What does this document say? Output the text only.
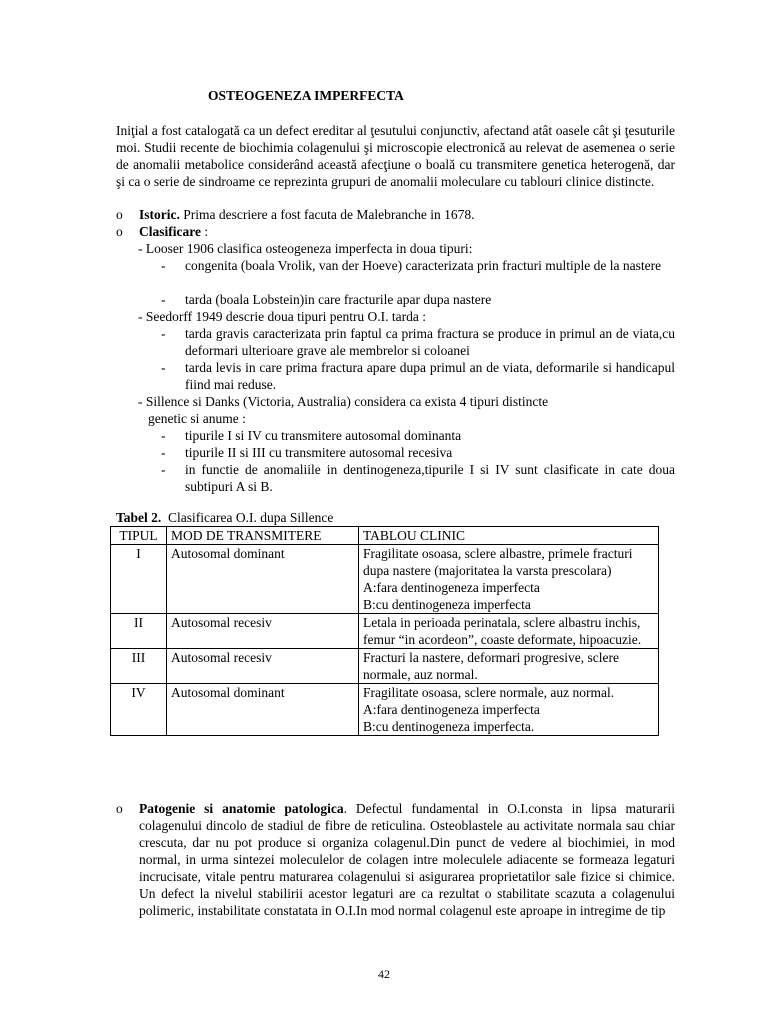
OSTEOGENEZA IMPERFECTA
Iniţial a fost catalogată ca un defect ereditar al ţesutului conjunctiv, afectand atât oasele cât şi ţesuturile moi. Studii recente de biochimia colagenului şi microscopie electronică au relevat de asemenea o serie de anomalii metabolice considerând această afecţiune o boală cu transmitere genetica heterogenă, dar şi ca o serie de sindroame ce reprezinta grupuri de anomalii moleculare cu tablouri clinice distincte.
o Istoric. Prima descriere a fost facuta de Malebranche in 1678.
o Clasificare :
- Looser 1906 clasifica osteogeneza imperfecta in doua tipuri:
- congenita (boala Vrolik, van der Hoeve) caracterizata prin fracturi multiple de la nastere
- tarda (boala Lobstein)in care fracturile apar dupa nastere
- Seedorff 1949 descrie doua tipuri pentru O.I. tarda :
- tarda gravis caracterizata prin faptul ca prima fractura se produce in primul an de viata,cu deformari ulterioare grave ale membrelor si coloanei
- tarda levis in care prima fractura apare dupa primul an de viata, deformarile si handicapul fiind mai reduse.
- Sillence si Danks (Victoria, Australia) considera ca exista 4 tipuri distincte
genetic si anume :
- tipurile I si IV cu transmitere autosomal dominanta
- tipurile II si III cu transmitere autosomal recesiva
- in functie de anomaliile in dentinogeneza,tipurile I si IV sunt clasificate in cate doua subtipuri A si B.
Tabel 2.  Clasificarea O.I. dupa Sillence
TIPUL	MOD DE TRANSMITERE	TABLOU CLINIC
I	Autosomal dominant	Fragilitate osoasa, sclere albastre, primele fracturi dupa nastere (majoritatea la varsta prescolara)
A:fara dentinogeneza imperfecta
B:cu dentinogeneza imperfecta

II	Autosomal recesiv	Letala in perioada perinatala, sclere albastru inchis, femur “in acordeon”, coaste deformate, hipoacuzie.

III	Autosomal recesiv	Fracturi la nastere, deformari progresive, sclere normale, auz normal.

IV	Autosomal dominant	Fragilitate osoasa, sclere normale, auz normal.
A:fara dentinogeneza imperfecta
B:cu dentinogeneza imperfecta.
o Patogenie si anatomie patologica. Defectul fundamental in O.I.consta in lipsa maturarii colagenului dincolo de stadiul de fibre de reticulina. Osteoblastele au activitate normala sau chiar crescuta, dar nu pot produce si organiza colagenul.Din punct de vedere al biochimiei, in mod normal, in urma sintezei moleculelor de colagen intre moleculele adiacente se formeaza legaturi incrucisate, vitale pentru maturarea colagenului si asigurarea proprietatilor sale fizice si chimice. Un defect la nivelul stabilirii acestor legaturi are ca rezultat o stabilitate scazuta a colagenului polimeric, instabilitate constatata in O.I.In mod normal colagenul este aproape in intregime de tip
42
